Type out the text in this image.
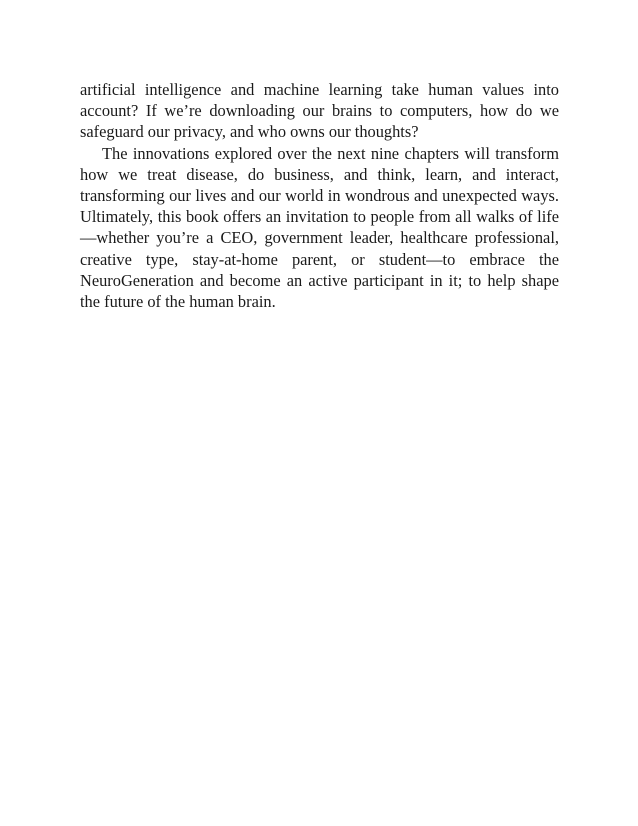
artificial intelligence and machine learning take human values into account? If we’re downloading our brains to computers, how do we safeguard our privacy, and who owns our thoughts?

The innovations explored over the next nine chapters will transform how we treat disease, do business, and think, learn, and interact, transforming our lives and our world in wondrous and unexpected ways. Ultimately, this book offers an invitation to people from all walks of life—whether you’re a CEO, government leader, healthcare professional, creative type, stay-at-home parent, or student—to embrace the NeuroGeneration and become an active participant in it; to help shape the future of the human brain.
